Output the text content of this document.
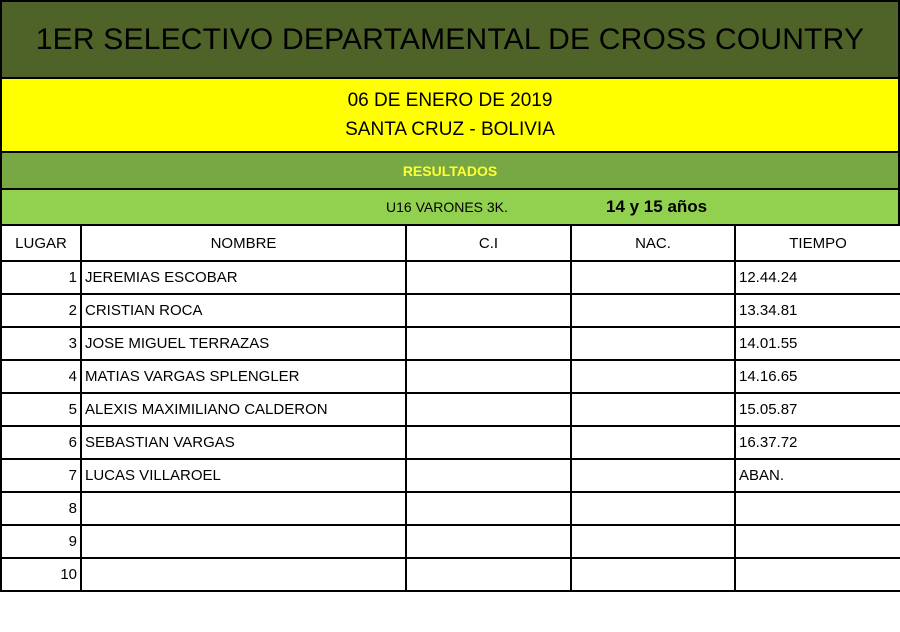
1ER SELECTIVO DEPARTAMENTAL DE CROSS COUNTRY
06 DE ENERO DE 2019
SANTA CRUZ - BOLIVIA
RESULTADOS
U16 VARONES 3K.	14 y 15 años
LUGAR	NOMBRE	C.I	NAC.	TIEMPO
1	JEREMIAS ESCOBAR			12.44.24
2	CRISTIAN ROCA			13.34.81
3	JOSE MIGUEL TERRAZAS			14.01.55
4	MATIAS VARGAS SPLENGLER			14.16.65
5	ALEXIS MAXIMILIANO CALDERON			15.05.87
6	SEBASTIAN VARGAS			16.37.72
7	LUCAS VILLAROEL			ABAN.
8				
9				
10				
